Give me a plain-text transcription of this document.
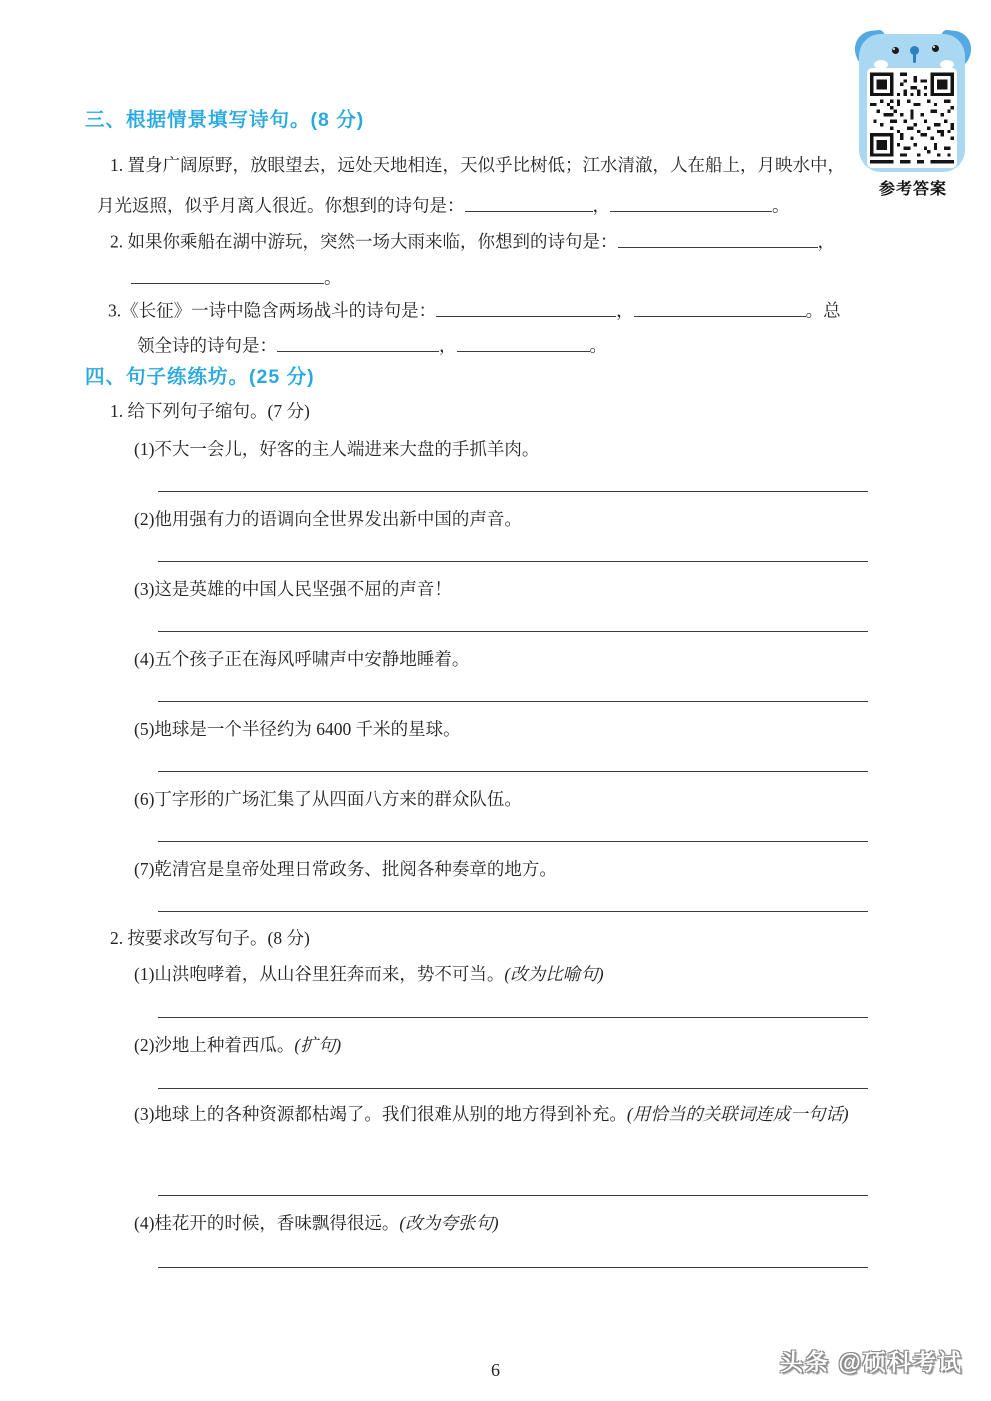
参考答案
三、根据情景填写诗句。(8 分)
1. 置身广阔原野，放眼望去，远处天地相连，天似乎比树低；江水清澈，人在船上，月映水中，
月光返照，似乎月离人很近。你想到的诗句是：	，	。
2. 如果你乘船在湖中游玩，突然一场大雨来临，你想到的诗句是：	，
。
3.《长征》一诗中隐含两场战斗的诗句是：	，	。总
领全诗的诗句是：	，	。
四、句子练练坊。(25 分)
1. 给下列句子缩句。(7 分)
(1)不大一会儿，好客的主人端进来大盘的手抓羊肉。
(2)他用强有力的语调向全世界发出新中国的声音。
(3)这是英雄的中国人民坚强不屈的声音！
(4)五个孩子正在海风呼啸声中安静地睡着。
(5)地球是一个半径约为 6400 千米的星球。
(6)丁字形的广场汇集了从四面八方来的群众队伍。
(7)乾清宫是皇帝处理日常政务、批阅各种奏章的地方。
2. 按要求改写句子。(8 分)
(1)山洪咆哮着，从山谷里狂奔而来，势不可当。(改为比喻句)
(2)沙地上种着西瓜。(扩句)
(3)地球上的各种资源都枯竭了。我们很难从别的地方得到补充。(用恰当的关联词连成一句话)
(4)桂花开的时候，香味飘得很远。(改为夸张句)
6	头条 @硕科考试
